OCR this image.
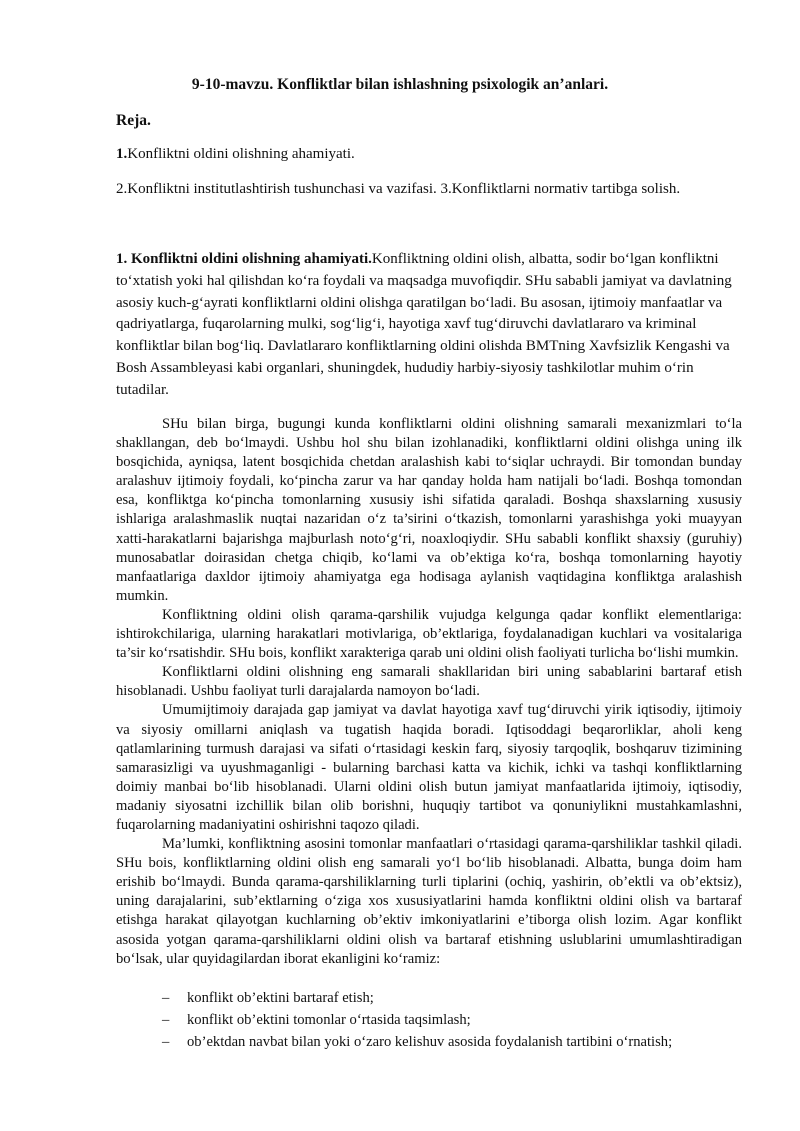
9-10-mavzu. Konfliktlar bilan ishlashning psixologik an’anlari.
Reja.
1.Konfliktni oldini olishning ahamiyati.
2.Konfliktni institutlashtirish tushunchasi va vazifasi. 3.Konfliktlarni normativ tartibga solish.
1. Konfliktni oldini olishning ahamiyati.Konfliktning oldini olish, albatta, sodir bo‘lgan konfliktni to‘xtatish yoki hal qilishdan ko‘ra foydali va maqsadga muvofiqdir. SHu sababli jamiyat va davlatning asosiy kuch-g‘ayrati konfliktlarni oldini olishga qaratilgan bo‘ladi. Bu asosan, ijtimoiy manfaatlar va qadriyatlarga, fuqarolarning mulki, sog‘lig‘i, hayotiga xavf tug‘diruvchi davlatlararo va kriminal konfliktlar bilan bog‘liq. Davlatlararo konfliktlarning oldini olishda BMTning Xavfsizlik Kengashi va Bosh Assambleyasi kabi organlari, shuningdek, hududiy harbiy-siyosiy tashkilotlar muhim o‘rin tutadilar.

SHu bilan birga, bugungi kunda konfliktlarni oldini olishning samarali mexanizmlari to‘la shakllangan, deb bo‘lmaydi. Ushbu hol shu bilan izohlanadiki, konfliktlarni oldini olishga uning ilk bosqichida, ayniqsa, latent bosqichida chetdan aralashish kabi to‘siqlar uchraydi. Bir tomondan bunday aralashuv ijtimoiy foydali, ko‘pincha zarur va har qanday holda ham natijali bo‘ladi. Boshqa tomondan esa, konfliktga ko‘pincha tomonlarning xususiy ishi sifatida qaraladi. Boshqa shaxslarning xususiy ishlariga aralashmaslik nuqtai nazaridan o‘z ta’sirini o‘tkazish, tomonlarni yarashishga yoki muayyan xatti-harakatlarni bajarishga majburlash noto‘g‘ri, noaxloqiydir. SHu sababli konflikt shaxsiy (guruhiy) munosabatlar doirasidan chetga chiqib, ko‘lami va ob’ektiga ko‘ra, boshqa tomonlarning hayotiy manfaatlariga daxldor ijtimoiy ahamiyatga ega hodisaga aylanish vaqtidagina konfliktga aralashish mumkin.

Konfliktning oldini olish qarama-qarshilik vujudga kelgunga qadar konflikt elementlariga: ishtirokchilariga, ularning harakatlari motivlariga, ob’ektlariga, foydalanadigan kuchlari va vositalariga ta’sir ko‘rsatishdir. SHu bois, konflikt xarakteriga qarab uni oldini olish faoliyati turlicha bo‘lishi mumkin.

Konfliktlarni oldini olishning eng samarali shakllaridan biri uning sabablarini bartaraf etish hisoblanadi. Ushbu faoliyat turli darajalarda namoyon bo‘ladi.

Umumijtimoiy darajada gap jamiyat va davlat hayotiga xavf tug‘diruvchi yirik iqtisodiy, ijtimoiy va siyosiy omillarni aniqlash va tugatish haqida boradi. Iqtisoddagi beqarorliklar, aholi keng qatlamlarining turmush darajasi va sifati o‘rtasidagi keskin farq, siyosiy tarqoqlik, boshqaruv tizimining samarasizligi va uyushmaganligi - bularning barchasi katta va kichik, ichki va tashqi konfliktlarning doimiy manbai bo‘lib hisoblanadi. Ularni oldini olish butun jamiyat manfaatlarida ijtimoiy, iqtisodiy, madaniy siyosatni izchillik bilan olib borishni, huquqiy tartibot va qonuniylikni mustahkamlashni, fuqarolarning madaniyatini oshirishni taqozo qiladi.

Ma’lumki, konfliktning asosini tomonlar manfaatlari o‘rtasidagi qarama-qarshiliklar tashkil qiladi. SHu bois, konfliktlarning oldini olish eng samarali yo‘l bo‘lib hisoblanadi. Albatta, bunga doim ham erishib bo‘lmaydi. Bunda qarama-qarshiliklarning turli tiplarini (ochiq, yashirin, ob’ektli va ob’ektsiz), uning darajalarini, sub’ektlarning o‘ziga xos xususiyatlarini hamda konfliktni oldini olish va bartaraf etishga harakat qilayotgan kuchlarning ob’ektiv imkoniyatlarini e’tiborga olish lozim. Agar konflikt asosida yotgan qarama-qarshiliklarni oldini olish va bartaraf etishning uslublarini umumlashtiradigan bo‘lsak, ular quyidagilardan iborat ekanligini ko‘ramiz:

– konflikt ob’ektini bartaraf etish;
– konflikt ob’ektini tomonlar o‘rtasida taqsimlash;
– ob’ektdan navbat bilan yoki o‘zaro kelishuv asosida foydalanish tartibini o‘rnatish;
